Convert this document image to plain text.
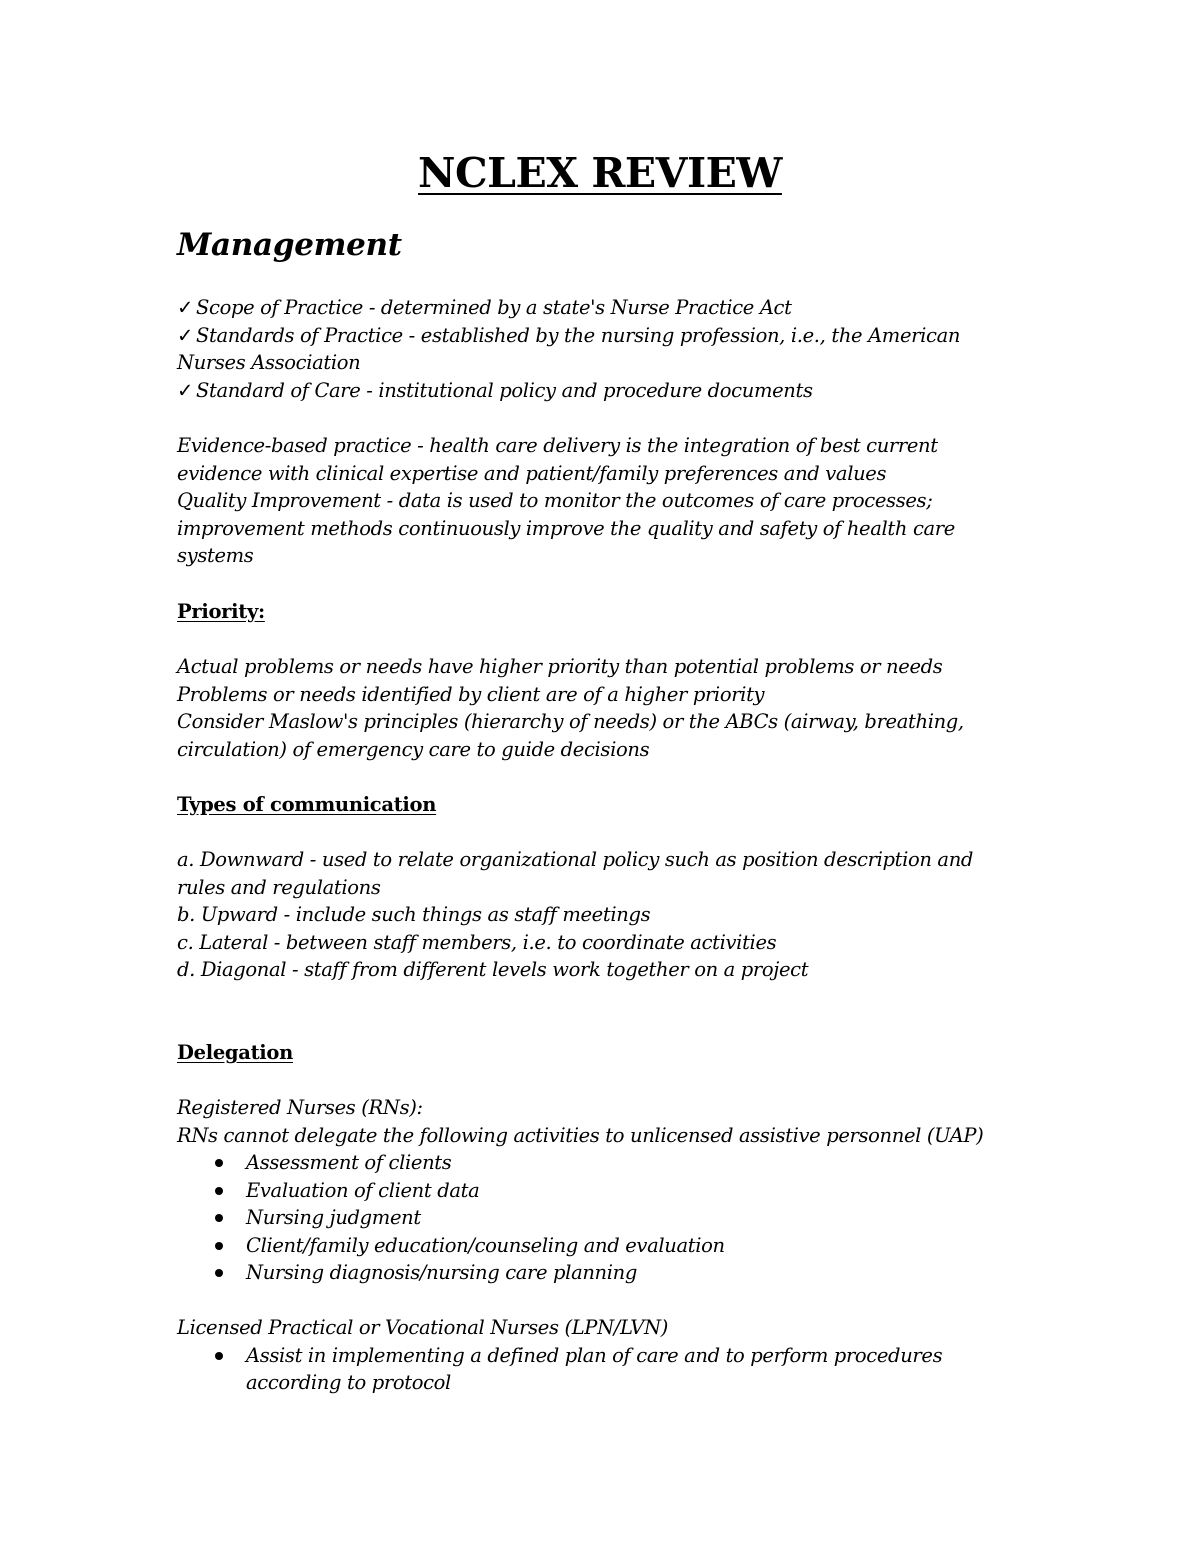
NCLEX REVIEW
Management
✓ Scope of Practice - determined by a state's Nurse Practice Act
✓ Standards of Practice - established by the nursing profession, i.e., the American
Nurses Association
✓ Standard of Care - institutional policy and procedure documents
Evidence-based practice - health care delivery is the integration of best current
evidence with clinical expertise and patient/family preferences and values
Quality Improvement - data is used to monitor the outcomes of care processes;
improvement methods continuously improve the quality and safety of health care
systems
Priority:
Actual problems or needs have higher priority than potential problems or needs
Problems or needs identified by client are of a higher priority
Consider Maslow's principles (hierarchy of needs) or the ABCs (airway, breathing,
circulation) of emergency care to guide decisions
Types of communication
a. Downward - used to relate organizational policy such as position description and
rules and regulations
b. Upward - include such things as staff meetings
c. Lateral - between staff members, i.e. to coordinate activities
d. Diagonal - staff from different levels work together on a project
Delegation
Registered Nurses (RNs):
RNs cannot delegate the following activities to unlicensed assistive personnel (UAP)
Assessment of clients
Evaluation of client data
Nursing judgment
Client/family education/counseling and evaluation
Nursing diagnosis/nursing care planning
Licensed Practical or Vocational Nurses (LPN/LVN)
Assist in implementing a defined plan of care and to perform procedures
according to protocol
